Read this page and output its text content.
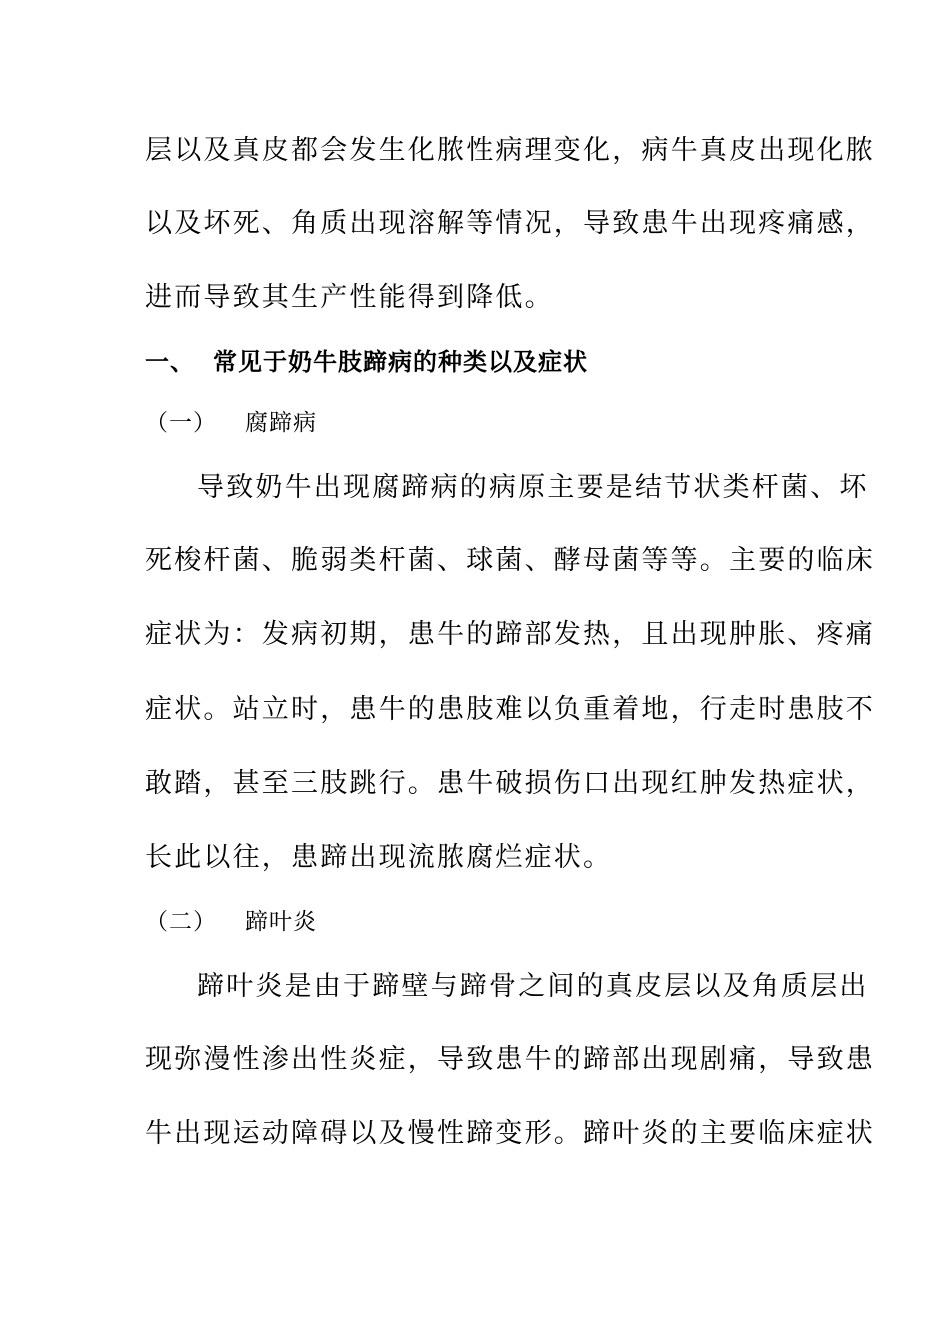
层以及真皮都会发生化脓性病理变化，病牛真皮出现化脓
以及坏死、角质出现溶解等情况，导致患牛出现疼痛感，
进而导致其生产性能得到降低。
一、 常见于奶牛肢蹄病的种类以及症状
（一） 腐蹄病
导致奶牛出现腐蹄病的病原主要是结节状类杆菌、坏
死梭杆菌、脆弱类杆菌、球菌、酵母菌等等。主要的临床
症状为：发病初期，患牛的蹄部发热，且出现肿胀、疼痛
症状。站立时，患牛的患肢难以负重着地，行走时患肢不
敢踏，甚至三肢跳行。患牛破损伤口出现红肿发热症状，
长此以往，患蹄出现流脓腐烂症状。
（二） 蹄叶炎
蹄叶炎是由于蹄壁与蹄骨之间的真皮层以及角质层出
现弥漫性渗出性炎症，导致患牛的蹄部出现剧痛，导致患
牛出现运动障碍以及慢性蹄变形。蹄叶炎的主要临床症状
